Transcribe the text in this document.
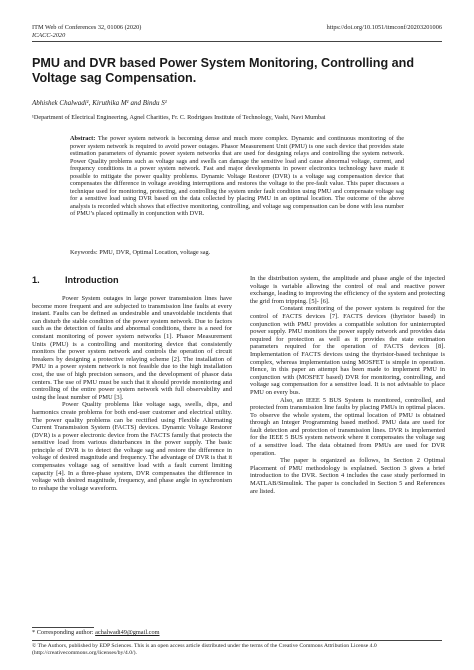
ITM Web of Conferences 32, 01006 (2020)
ICACC-2020
https://doi.org/10.1051/itmconf/20203201006
PMU and DVR based Power System Monitoring, Controlling and Voltage sag Compensation.
Abhishek Chalwadi¹, Kiruthika M¹ and Bindu S¹
¹Department of Electrical Engineering, Agnel Charities, Fr. C. Rodrigues Institute of Technology, Vashi, Navi Mumbai

Abstract: The power system network is becoming dense and much more complex. Dynamic and continuous monitoring of the power system network is required to avoid power outages. Phasor Measurement Unit (PMU) is one such device that provides state estimation parameters of dynamic power system networks that are used for designing relays and controlling the system network. Power Quality problems such as voltage sags and swells can damage the sensitive load and cause abnormal voltage, current, and frequency conditions in a power system network. Fast and major developments in power electronics technology have made it possible to mitigate the power quality problems. Dynamic Voltage Restorer (DVR) is a voltage sag compensation device that compensates the difference in voltage avoiding interruptions and restores the voltage to the pre-fault value. This paper discusses a technique used for monitoring, protecting, and controlling the system under fault condition using PMU and compensate voltage sag for a sensitive load using DVR based on the data collected by placing PMU in an optimal location. The outcome of the above analysis is recorded which shows that effective monitoring, controlling, and voltage sag compensation can be done with less number of PMU’s placed optimally in conjunction with DVR.

Keywords: PMU, DVR, Optimal Location, voltage sag.
1.	Introduction

Power System outages in large power transmission lines have become more frequent and are subjected to transmission line faults at every instant. Faults can be defined as undesirable and unavoidable incidents that can disturb the stable condition of the power system network. Due to factors such as the detection of faults and abnormal conditions, there is a need for constant monitoring of power system networks [1]. Phasor Measurement Units (PMU) is a controlling and monitoring device that consistently monitors the power system network and controls the operation of circuit breakers by designing a protective relaying scheme [2]. The installation of PMU in a power system network is not feasible due to the high installation cost, the use of high precision sensors, and the development of phasor data centers. The use of PMU must be such that it should provide monitoring and controlling of the entire power system network with full observability and using the least number of PMU [3].

Power Quality problems like voltage sags, swells, dips, and harmonics create problems for both end-user customer and electrical utility. The power quality problems can be rectified using Flexible Alternating Current Transmission System (FACTS) devices. Dynamic Voltage Restorer (DVR) is a power electronic device from the FACTS family that protects the sensitive load from various disturbances in the power supply. The basic principle of DVR is to detect the voltage sag and restore the difference in voltage of desired magnitude and frequency. The advantage of DVR is that it compensates voltage sag of sensitive load with a fault current limiting capacity [4]. In a three-phase system, DVR compensates the difference in voltage with desired magnitude, frequency, and phase angle in synchronism to reshape the voltage waveform.

In the distribution system, the amplitude and phase angle of the injected voltage is variable allowing the control of real and reactive power exchange, leading to improving the efficiency of the system and protecting the grid from tripping. [5]- [6].

Constant monitoring of the power system is required for the control of FACTS devices [7]. FACTS devices (thyristor based) in conjunction with PMU provides a compatible solution for uninterrupted power supply. PMU monitors the power supply network and provides data required for protection as well as it provides the state estimation parameters required for the operation of FACTS devices [8]. Implementation of FACTS devices using the thyristor-based technique is complex, whereas implementation using MOSFET is simple in operation. Hence, in this paper an attempt has been made to implement PMU in conjunction with (MOSFET based) DVR for monitoring, controlling, and voltage sag compensation for a sensitive load. It is not advisable to place PMU on every bus.

Also, an IEEE 5 BUS System is monitored, controlled, and protected from transmission line faults by placing PMUs in optimal places. To observe the whole system, the optimal location of PMU is obtained through an Integer Programming based method. PMU data are used for fault detection and protection of transmission lines. DVR is implemented for the IEEE 5 BUS system network where it compensates the voltage sag of a sensitive load. The data obtained from PMUs are used for DVR operation.

The paper is organized as follows, In Section 2 Optimal Placement of PMU methodology is explained. Section 3 gives a brief introduction to the DVR. Section 4 includes the case study performed in MATLAB/Simulink. The paper is concluded in Section 5 and References are listed.

* Corresponding author: achalwadi49@gmail.com
© The Authors, published by EDP Sciences. This is an open access article distributed under the terms of the Creative Commons Attribution License 4.0 (http://creativecommons.org/licenses/by/4.0/).
